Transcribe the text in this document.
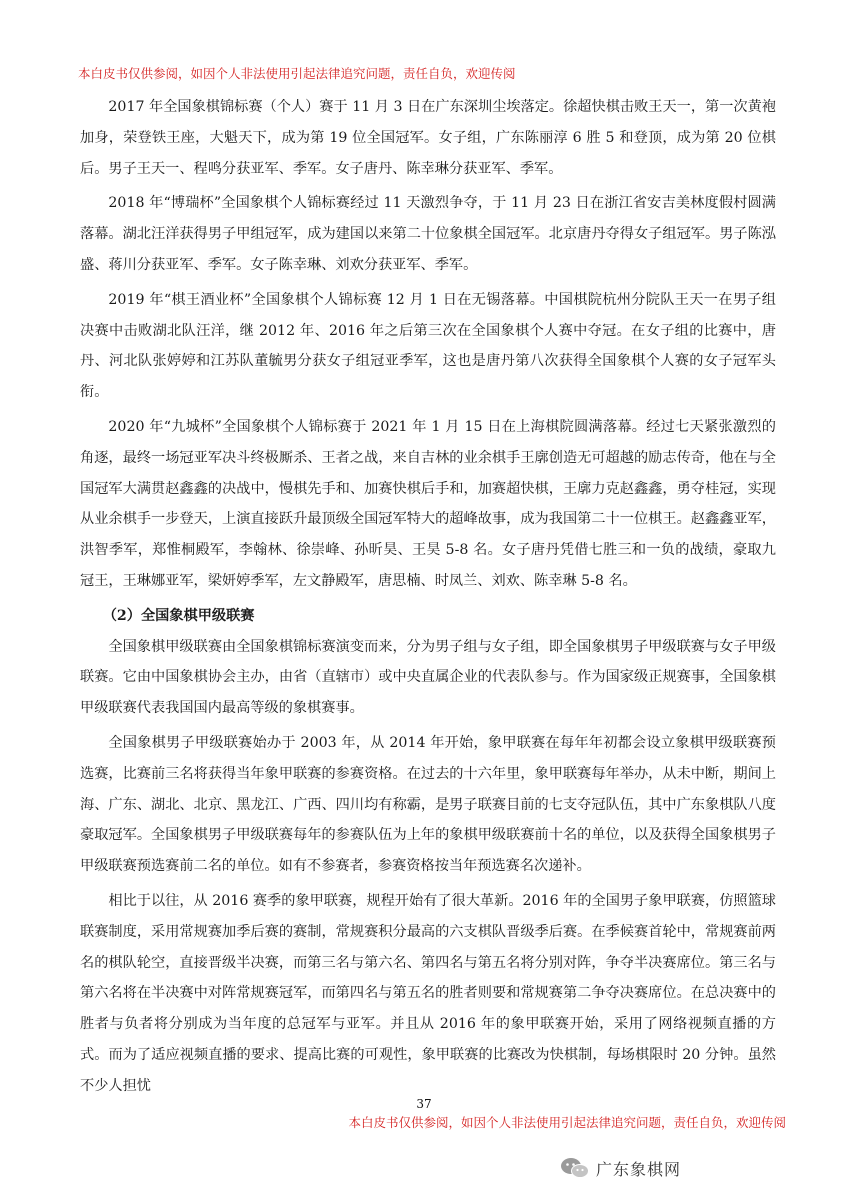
本白皮书仅供参阅，如因个人非法使用引起法律追究问题，责任自负，欢迎传阅

2017 年全国象棋锦标赛（个人）赛于 11 月 3 日在广东深圳尘埃落定。徐超快棋击败王天一，第一次黄袍加身，荣登铁王座，大魁天下，成为第 19 位全国冠军。女子组，广东陈丽淳 6 胜 5 和登顶，成为第 20 位棋后。男子王天一、程鸣分获亚军、季军。女子唐丹、陈幸琳分获亚军、季军。

2018 年“博瑞杯”全国象棋个人锦标赛经过 11 天激烈争夺，于 11 月 23 日在浙江省安吉美林度假村圆满落幕。湖北汪洋获得男子甲组冠军，成为建国以来第二十位象棋全国冠军。北京唐丹夺得女子组冠军。男子陈泓盛、蒋川分获亚军、季军。女子陈幸琳、刘欢分获亚军、季军。

2019 年“棋王酒业杯”全国象棋个人锦标赛 12 月 1 日在无锡落幕。中国棋院杭州分院队王天一在男子组决赛中击败湖北队汪洋，继 2012 年、2016 年之后第三次在全国象棋个人赛中夺冠。在女子组的比赛中，唐丹、河北队张婷婷和江苏队董毓男分获女子组冠亚季军，这也是唐丹第八次获得全国象棋个人赛的女子冠军头衔。

2020 年“九城杯”全国象棋个人锦标赛于 2021 年 1 月 15 日在上海棋院圆满落幕。经过七天紧张激烈的角逐，最终一场冠亚军决斗终极厮杀、王者之战，来自吉林的业余棋手王廓创造无可超越的励志传奇，他在与全国冠军大满贯赵鑫鑫的决战中，慢棋先手和、加赛快棋后手和，加赛超快棋，王廓力克赵鑫鑫，勇夺桂冠，实现从业余棋手一步登天，上演直接跃升最顶级全国冠军特大的超峰故事，成为我国第二十一位棋王。赵鑫鑫亚军，洪智季军，郑惟桐殿军，李翰林、徐崇峰、孙昕昊、王昊 5-8 名。女子唐丹凭借七胜三和一负的战绩，豪取九冠王，王琳娜亚军，梁妍婷季军，左文静殿军，唐思楠、时凤兰、刘欢、陈幸琳 5-8 名。

（2）全国象棋甲级联赛

全国象棋甲级联赛由全国象棋锦标赛演变而来，分为男子组与女子组，即全国象棋男子甲级联赛与女子甲级联赛。它由中国象棋协会主办，由省（直辖市）或中央直属企业的代表队参与。作为国家级正规赛事，全国象棋甲级联赛代表我国国内最高等级的象棋赛事。

全国象棋男子甲级联赛始办于 2003 年，从 2014 年开始，象甲联赛在每年年初都会设立象棋甲级联赛预选赛，比赛前三名将获得当年象甲联赛的参赛资格。在过去的十六年里，象甲联赛每年举办，从未中断，期间上海、广东、湖北、北京、黑龙江、广西、四川均有称霸，是男子联赛目前的七支夺冠队伍，其中广东象棋队八度豪取冠军。全国象棋男子甲级联赛每年的参赛队伍为上年的象棋甲级联赛前十名的单位，以及获得全国象棋男子甲级联赛预选赛前二名的单位。如有不参赛者，参赛资格按当年预选赛名次递补。

相比于以往，从 2016 赛季的象甲联赛，规程开始有了很大革新。2016 年的全国男子象甲联赛，仿照篮球联赛制度，采用常规赛加季后赛的赛制，常规赛积分最高的六支棋队晋级季后赛。在季候赛首轮中，常规赛前两名的棋队轮空，直接晋级半决赛，而第三名与第六名、第四名与第五名将分别对阵，争夺半决赛席位。第三名与第六名将在半决赛中对阵常规赛冠军，而第四名与第五名的胜者则要和常规赛第二争夺决赛席位。在总决赛中的胜者与负者将分别成为当年度的总冠军与亚军。并且从 2016 年的象甲联赛开始，采用了网络视频直播的方式。而为了适应视频直播的要求、提高比赛的可观性，象甲联赛的比赛改为快棋制，每场棋限时 20 分钟。虽然不少人担忧

37
本白皮书仅供参阅，如因个人非法使用引起法律追究问题，责任自负，欢迎传阅
广东象棋网
